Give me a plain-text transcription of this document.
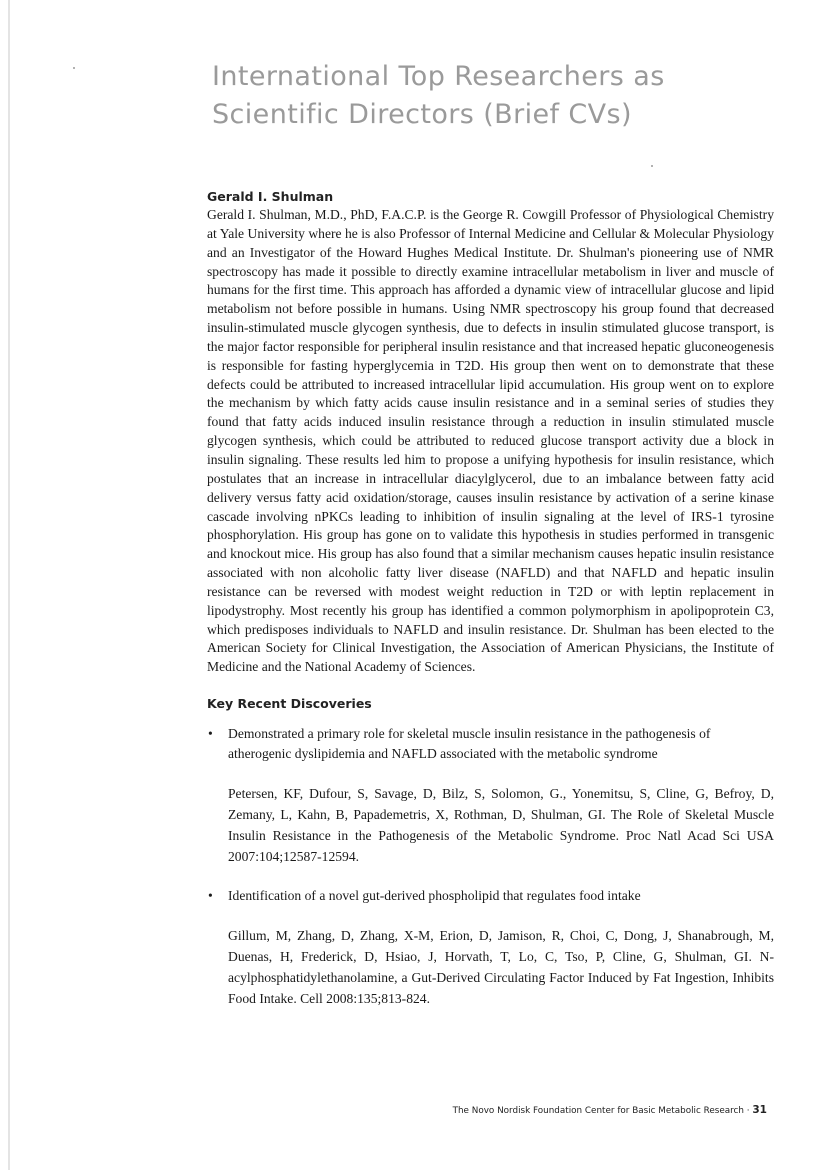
International Top Researchers as
Scientific Directors (Brief CVs)
Gerald I. Shulman

Gerald I. Shulman, M.D., PhD, F.A.C.P. is the George R. Cowgill Professor of Physiological Chemistry at Yale University where he is also Professor of Internal Medicine and Cellular & Molecular Physiology and an Investigator of the Howard Hughes Medical Institute. Dr. Shulman's pioneering use of NMR spectroscopy has made it possible to directly examine intracellular metabolism in liver and muscle of humans for the first time. This approach has afforded a dynamic view of intracellular glucose and lipid metabolism not before possible in humans. Using NMR spectroscopy his group found that decreased insulin-stimulated muscle glycogen synthesis, due to defects in insulin stimulated glucose transport, is the major factor responsible for peripheral insulin resistance and that increased hepatic gluconeogenesis is responsible for fasting hyperglycemia in T2D. His group then went on to demonstrate that these defects could be attributed to increased intracellular lipid accumulation. His group went on to explore the mechanism by which fatty acids cause insulin resistance and in a seminal series of studies they found that fatty acids induced insulin resistance through a reduction in insulin stimulated muscle glycogen synthesis, which could be attributed to reduced glucose transport activity due a block in insulin signaling. These results led him to propose a unifying hypothesis for insulin resistance, which postulates that an increase in intracellular diacylglycerol, due to an imbalance between fatty acid delivery versus fatty acid oxidation/storage, causes insulin resistance by activation of a serine kinase cascade involving nPKCs leading to inhibition of insulin signaling at the level of IRS-1 tyrosine phosphorylation. His group has gone on to validate this hypothesis in studies performed in transgenic and knockout mice. His group has also found that a similar mechanism causes hepatic insulin resistance associated with non alcoholic fatty liver disease (NAFLD) and that NAFLD and hepatic insulin resistance can be reversed with modest weight reduction in T2D or with leptin replacement in lipodystrophy. Most recently his group has identified a common polymorphism in apolipoprotein C3, which predisposes individuals to NAFLD and insulin resistance. Dr. Shulman has been elected to the American Society for Clinical Investigation, the Association of American Physicians, the Institute of Medicine and the National Academy of Sciences.

Key Recent Discoveries
• Demonstrated a primary role for skeletal muscle insulin resistance in the pathogenesis of atherogenic dyslipidemia and NAFLD associated with the metabolic syndrome

Petersen, KF, Dufour, S, Savage, D, Bilz, S, Solomon, G., Yonemitsu, S, Cline, G, Befroy, D, Zemany, L, Kahn, B, Papademetris, X, Rothman, D, Shulman, GI. The Role of Skeletal Muscle Insulin Resistance in the Pathogenesis of the Metabolic Syndrome. Proc Natl Acad Sci USA 2007:104;12587-12594.

• Identification of a novel gut-derived phospholipid that regulates food intake

Gillum, M, Zhang, D, Zhang, X-M, Erion, D, Jamison, R, Choi, C, Dong, J, Shanabrough, M, Duenas, H, Frederick, D, Hsiao, J, Horvath, T, Lo, C, Tso, P, Cline, G, Shulman, GI. N-acylphosphatidylethanolamine, a Gut-Derived Circulating Factor Induced by Fat Ingestion, Inhibits Food Intake. Cell 2008:135;813-824.

The Novo Nordisk Foundation Center for Basic Metabolic Research · 31
